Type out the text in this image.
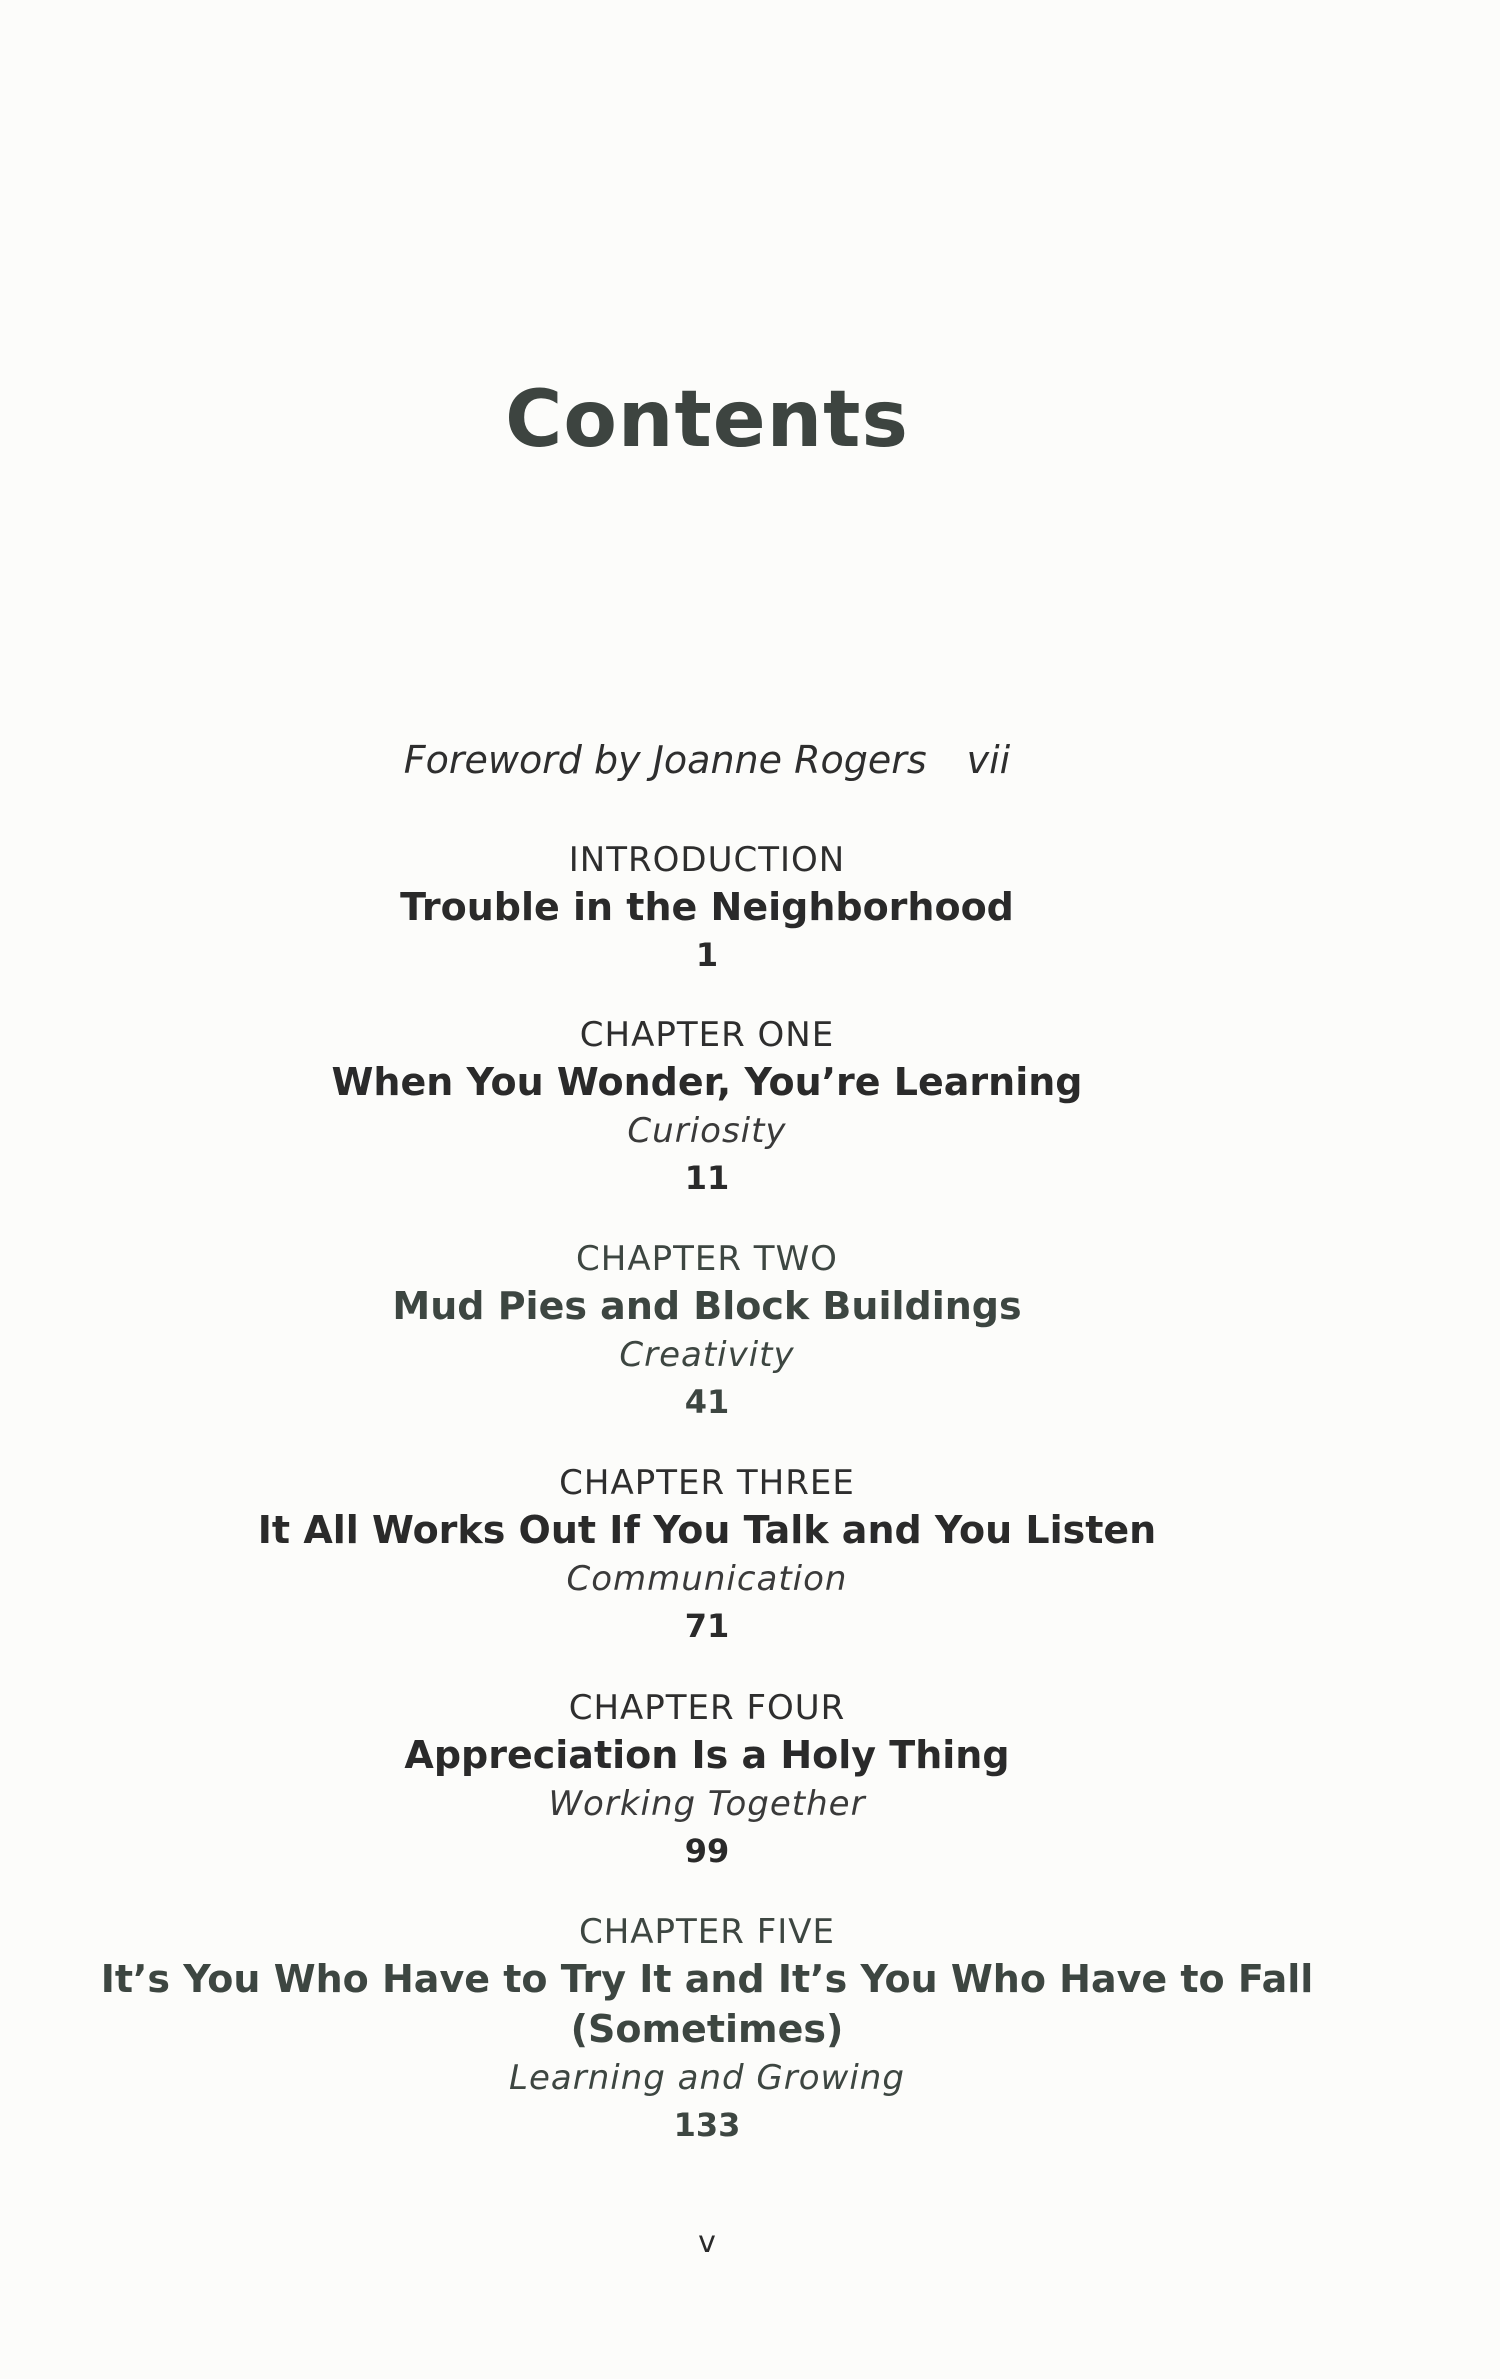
Contents
Foreword by Joanne Rogers vii
INTRODUCTION
Trouble in the Neighborhood
1
CHAPTER ONE
When You Wonder, You’re Learning
Curiosity
11
CHAPTER TWO
Mud Pies and Block Buildings
Creativity
41
CHAPTER THREE
It All Works Out If You Talk and You Listen
Communication
71
CHAPTER FOUR
Appreciation Is a Holy Thing
Working Together
99
CHAPTER FIVE
It’s You Who Have to Try It and It’s You Who Have to Fall
(Sometimes)
Learning and Growing
133
v
